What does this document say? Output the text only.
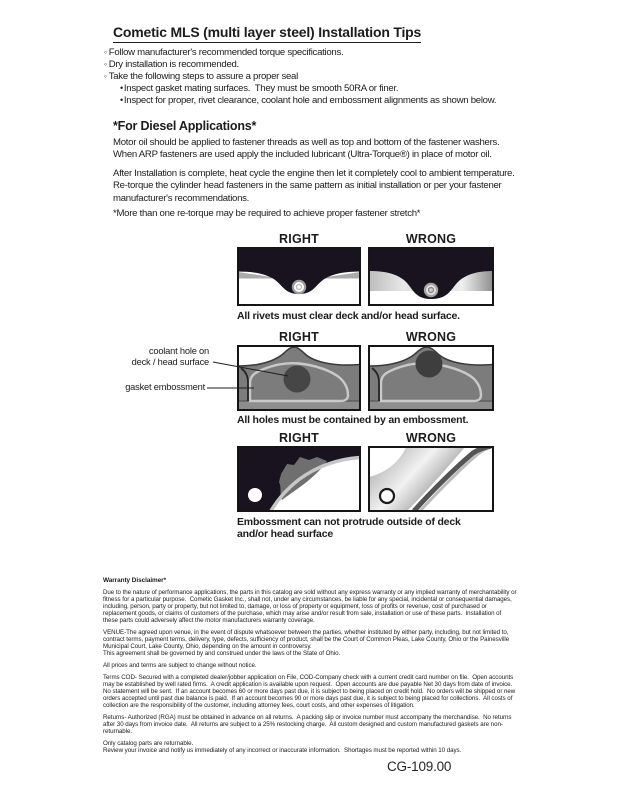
Cometic MLS (multi layer steel) Installation Tips
◦ Follow manufacturer's recommended torque specifications.
◦ Dry installation is recommended.
◦ Take the following steps to assure a proper seal
•Inspect gasket mating surfaces.  They must be smooth 50RA or finer.
•Inspect for proper, rivet clearance, coolant hole and embossment alignments as shown below.
*For Diesel Applications*

Motor oil should be applied to fastener threads as well as top and bottom of the fastener washers. When ARP fasteners are used apply the included lubricant (Ultra-Torque®) in place of motor oil.

After Installation is complete, heat cycle the engine then let it completely cool to ambient temperature. Re-torque the cylinder head fasteners in the same pattern as initial installation or per your fastener manufacturer's recommendations.

*More than one re-torque may be required to achieve proper fastener stretch*

RIGHT	WRONG
All rivets must clear deck and/or head surface.
RIGHT	WRONG
coolant hole on
deck / head surface
gasket embossment
All holes must be contained by an embossment.
RIGHT	WRONG
Embossment can not protrude outside of deck and/or head surface
Warranty Disclaimer*

Due to the nature of performance applications, the parts in this catalog are sold without any express warranty or any implied warranty of merchantability or fitness for a particular purpose.  Cometic Gasket Inc., shall not, under any circumstances, be liable for any special, incidental or consequential damages, including, person, party or property, but not limited to, damage, or loss of property or equipment, loss of profits or revenue, cost of purchased or replacement goods, or claims of customers of the purchase, which may arise and/or result from sale, installation or use of these parts.  Installation of these parts could adversely affect the motor manufacturers warranty coverage.

VENUE-The agreed upon venue, in the event of dispute whatsoever between the parties, whether instituted by either party, including, but not limited to, contract terms, payment terms, delivery, type, defects, sufficiency of product, shall be the Court of Common Pleas, Lake County, Ohio or the Painesville Municipal Court, Lake County, Ohio, depending on the amount in controversy.

This agreement shall be governed by and construed under the laws of the State of Ohio.

All prices and terms are subject to change without notice.

Terms COD- Secured with a completed dealer/jobber application on File, COD-Company check with a current credit card number on file.  Open accounts may be established by well rated firms.  A credit application is available upon request.  Open accounts are due payable Net 30 days from date of invoice.  No statement will be sent.  If an account becomes 60 or more days past due, it is subject to being placed on credit hold.  No orders will be shipped or new orders accepted until past due balance is paid.  If an account becomes 90 or more days past due, it is subject to being placed for collections.  All costs of collection are the responsibility of the customer, including attorney fees, court costs, and other expenses of litigation.

Returns- Authorized (RGA) must be obtained in advance on all returns.  A packing slip or invoice number must accompany the merchandise.  No returns after 30 days from invoice date.  All returns are subject to a 25% restocking charge.  All custom designed and custom manufactured gaskets are non-returnable.

Only catalog parts are returnable.

Review your invoice and notify us immediately of any incorrect or inaccurate information.  Shortages must be reported within 10 days.

CG-109.00
